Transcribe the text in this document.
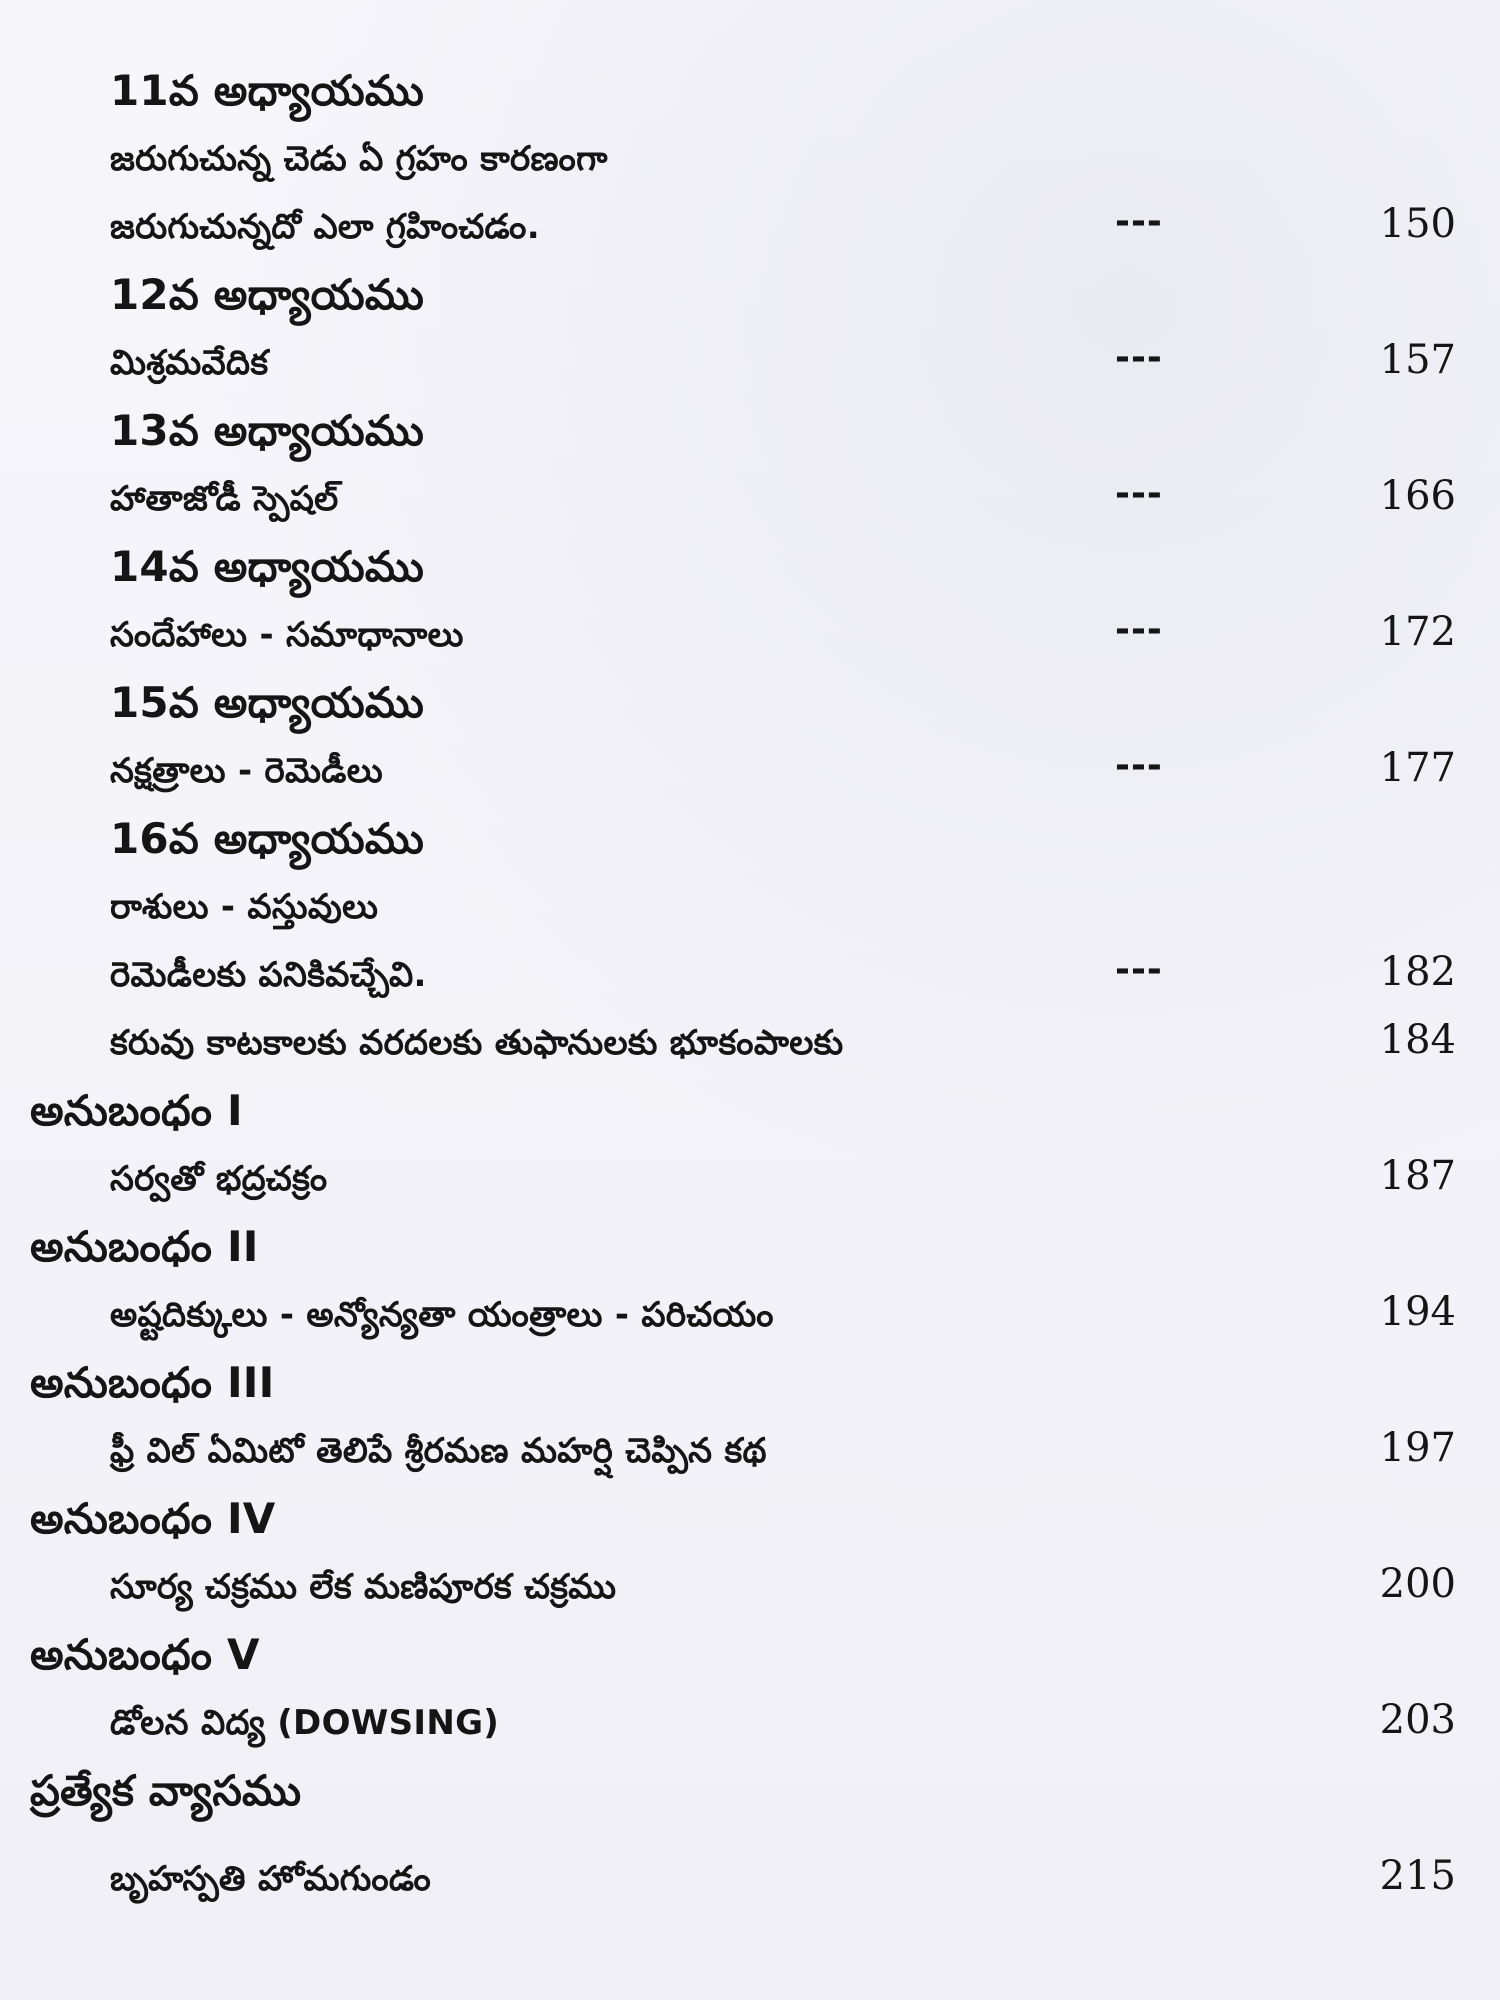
11వ అధ్యాయము
జరుగుచున్న చెడు ఏ గ్రహం కారణంగా
జరుగుచున్నదో ఎలా గ్రహించడం.	---	150
12వ అధ్యాయము
మిశ్రమవేదిక	---	157
13వ అధ్యాయము
హాతాజోడీ స్పెషల్	---	166
14వ అధ్యాయము
సందేహాలు - సమాధానాలు	---	172
15వ అధ్యాయము
నక్షత్రాలు - రెమెడీలు	---	177
16వ అధ్యాయము
రాశులు - వస్తువులు
రెమెడీలకు పనికివచ్చేవి.	---	182
కరువు కాటకాలకు వరదలకు తుఫానులకు భూకంపాలకు	184
అనుబంధం I
సర్వతో భద్రచక్రం	187
అనుబంధం II
అష్టదిక్కులు - అన్యోన్యతా యంత్రాలు - పరిచయం	194
అనుబంధం III
ఫ్రీ విల్ ఏమిటో తెలిపే శ్రీరమణ మహర్షి చెప్పిన కథ	197
అనుబంధం IV
సూర్య చక్రము లేక మణిపూరక చక్రము	200
అనుబంధం V
డోలన విద్య (DOWSING)	203
ప్రత్యేక వ్యాసము
బృహస్పతి హోమగుండం	215
